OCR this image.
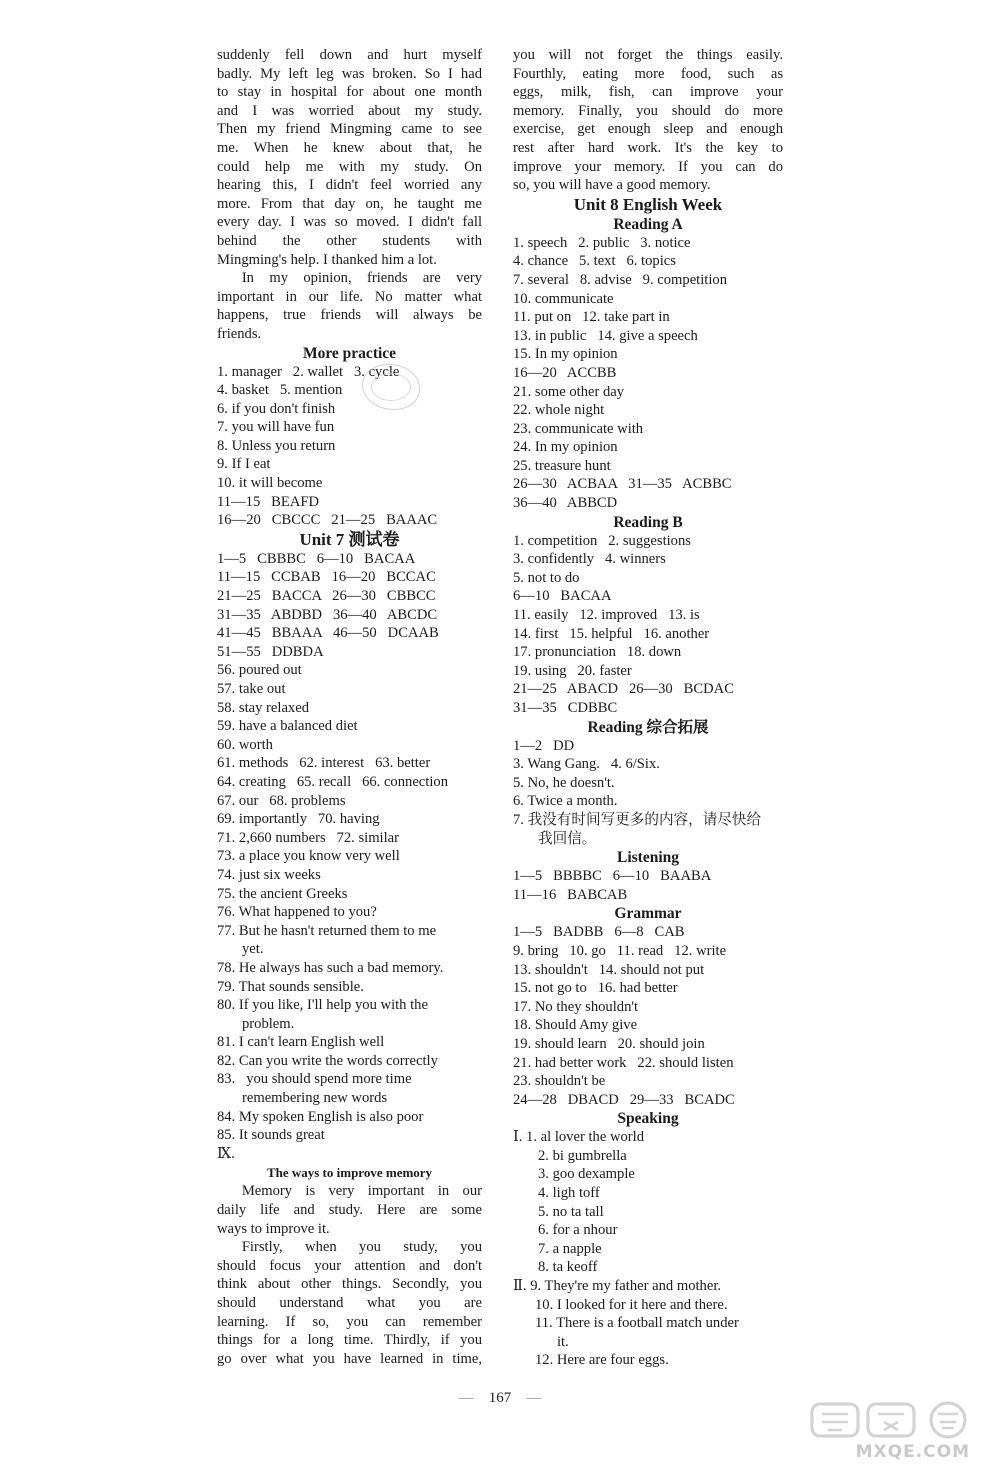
suddenly fell down and hurt myself
badly. My left leg was broken. So I had
to stay in hospital for about one month
and I was worried about my study.
Then my friend Mingming came to see
me. When he knew about that, he
could help me with my study. On
hearing this, I didn't feel worried any
more. From that day on, he taught me
every day. I was so moved. I didn't fall
behind the other students with
Mingming's help. I thanked him a lot.
In my opinion, friends are very
important in our life. No matter what
happens, true friends will always be
friends.
More practice
1. manager   2. wallet   3. cycle
4. basket   5. mention
6. if you don't finish
7. you will have fun
8. Unless you return
9. If I eat
10. it will become
11—15   BEAFD
16—20   CBCCC   21—25   BAAAC
Unit 7 测试卷
1—5   CBBBC   6—10   BACAA
11—15   CCBAB   16—20   BCCAC
21—25   BACCA   26—30   CBBCC
31—35   ABDBD   36—40   ABCDC
41—45   BBAAA   46—50   DCAAB
51—55   DDBDA
56. poured out
57. take out
58. stay relaxed
59. have a balanced diet
60. worth
61. methods   62. interest   63. better
64. creating   65. recall   66. connection
67. our   68. problems
69. importantly   70. having
71. 2,660 numbers   72. similar
73. a place you know very well
74. just six weeks
75. the ancient Greeks
76. What happened to you?
77. But he hasn't returned them to me
yet.
78. He always has such a bad memory.
79. That sounds sensible.
80. If you like, I'll help you with the
problem.
81. I can't learn English well
82. Can you write the words correctly
83.   you should spend more time
remembering new words
84. My spoken English is also poor
85. It sounds great
Ⅸ.
The ways to improve memory
Memory is very important in our
daily life and study. Here are some
ways to improve it.
Firstly, when you study, you
should focus your attention and don't
think about other things. Secondly, you
should understand what you are
learning. If so, you can remember
things for a long time. Thirdly, if you
go over what you have learned in time,
you will not forget the things easily.
Fourthly, eating more food, such as
eggs, milk, fish, can improve your
memory. Finally, you should do more
exercise, get enough sleep and enough
rest after hard work. It's the key to
improve your memory. If you can do
so, you will have a good memory.
Unit 8 English Week
Reading A
1. speech   2. public   3. notice
4. chance   5. text   6. topics
7. several   8. advise   9. competition
10. communicate
11. put on   12. take part in
13. in public   14. give a speech
15. In my opinion
16—20   ACCBB
21. some other day
22. whole night
23. communicate with
24. In my opinion
25. treasure hunt
26—30   ACBAA   31—35   ACBBC
36—40   ABBCD
Reading B
1. competition   2. suggestions
3. confidently   4. winners
5. not to do
6—10   BACAA
11. easily   12. improved   13. is
14. first   15. helpful   16. another
17. pronunciation   18. down
19. using   20. faster
21—25   ABACD   26—30   BCDAC
31—35   CDBBC
Reading 综合拓展
1—2   DD
3. Wang Gang.   4. 6/Six.
5. No, he doesn't.
6. Twice a month.
7. 我没有时间写更多的内容，请尽快给
我回信。
Listening
1—5   BBBBC   6—10   BAABA
11—16   BABCAB
Grammar
1—5   BADBB   6—8   CAB
9. bring   10. go   11. read   12. write
13. shouldn't   14. should not put
15. not go to   16. had better
17. No they shouldn't
18. Should Amy give
19. should learn   20. should join
21. had better work   22. should listen
23. shouldn't be
24—28   DBACD   29—33   BCADC
Speaking
Ⅰ. 1. al lover the world
2. bi gumbrella
3. goo dexample
4. ligh toff
5. no ta tall
6. for a nhour
7. a napple
8. ta keoff
Ⅱ. 9. They're my father and mother.
10. I looked for it here and there.
11. There is a football match under
it.
12. Here are four eggs.
— 167 —
MXQE.COM
